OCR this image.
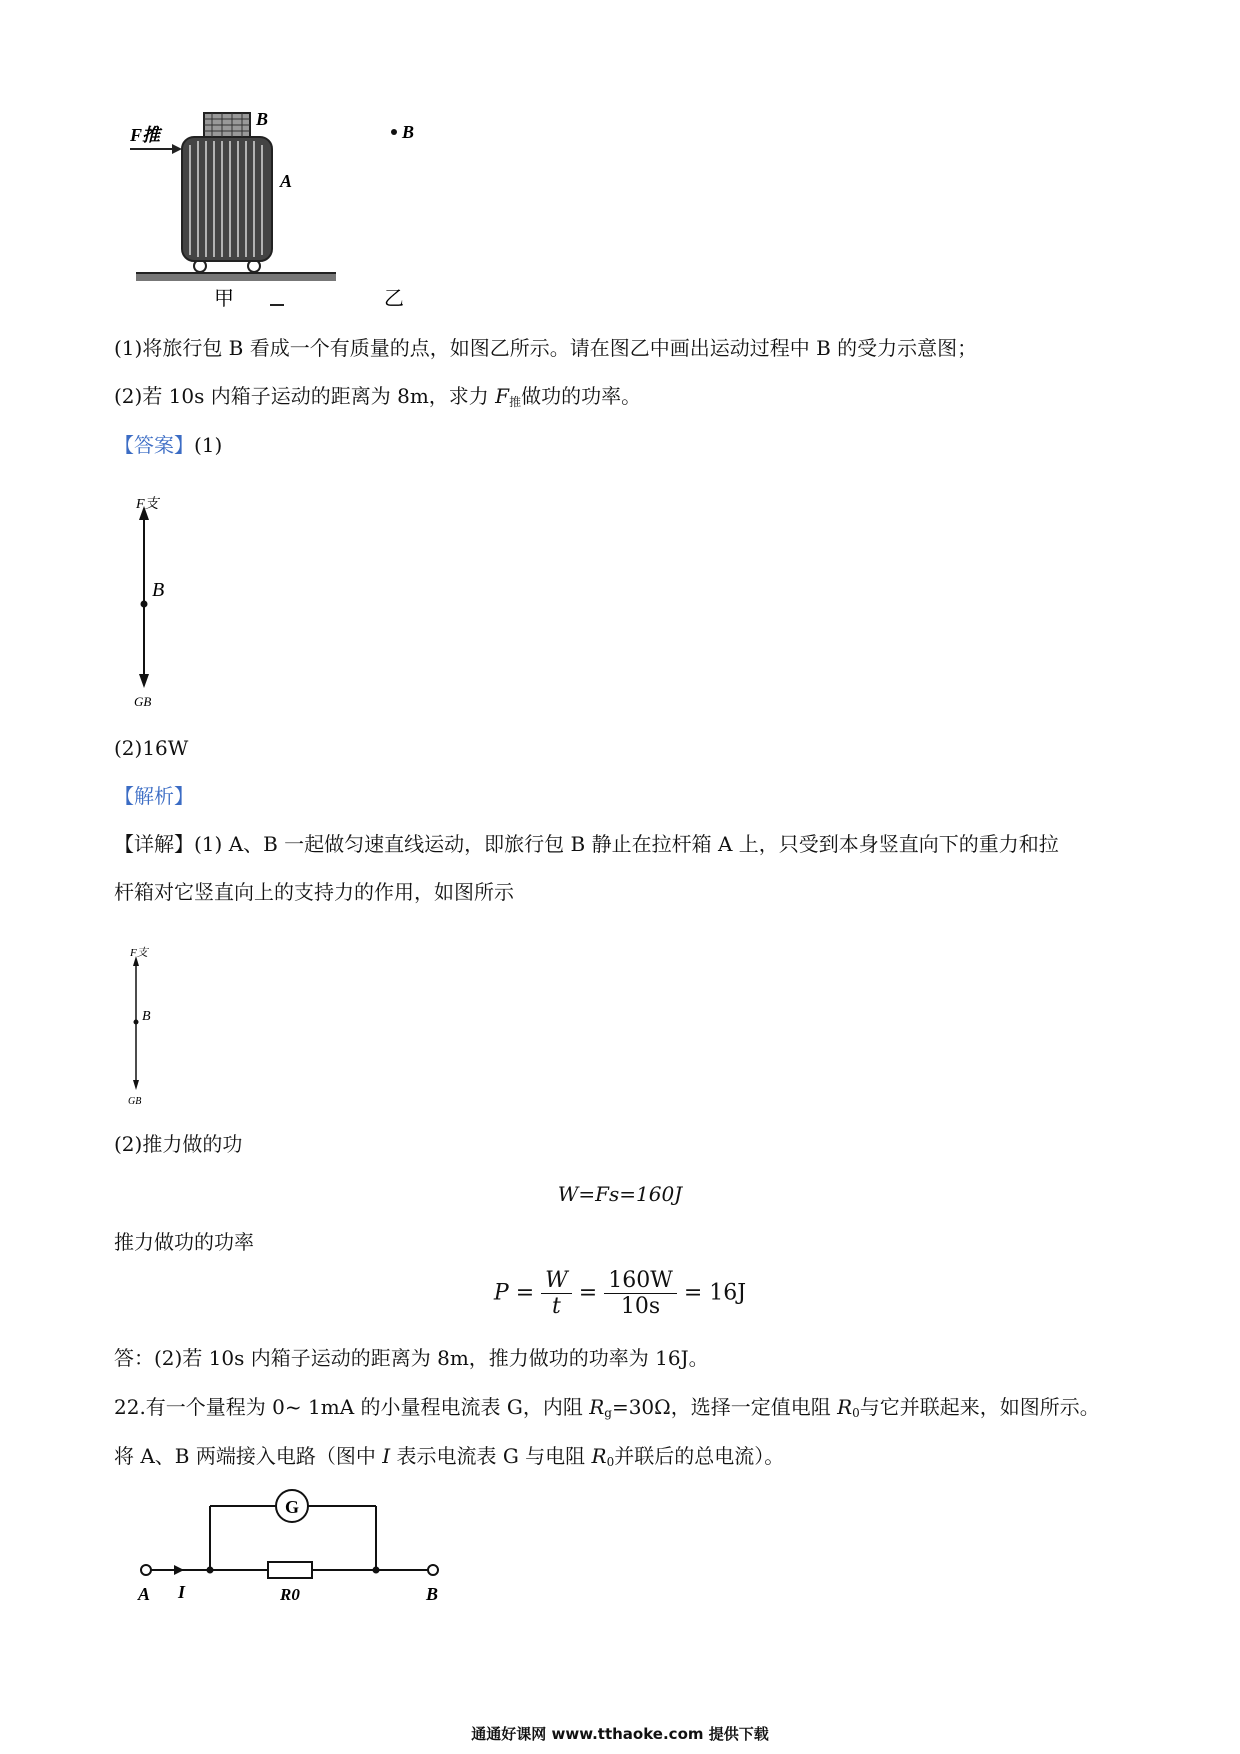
F推
B
A
甲
B
乙
(1)将旅行包 B 看成一个有质量的点，如图乙所示。请在图乙中画出运动过程中 B 的受力示意图；
(2)若 10s 内箱子运动的距离为 8m，求力 $F_推$做功的功率。
【答案】(1)
F支
B
GB
(2)16W
【解析】
【详解】(1) A、B 一起做匀速直线运动，即旅行包 B 静止在拉杆箱 A 上，只受到本身竖直向下的重力和拉
杆箱对它竖直向上的支持力的作用，如图所示
F支
B
GB
(2)推力做的功
W=Fs=160J
推力做功的功率
$P = \frac{W}{t} = \frac{160W}{10s} = 16J$
答：(2)若 10s 内箱子运动的距离为 8m，推力做功的功率为 16J。
22.有一个量程为 0~ 1mA 的小量程电流表 G，内阻 $R_g=30\Omega$，选择一定值电阻 $R_0$与它并联起来，如图所示。
将 A、B 两端接入电路（图中 I 表示电流表 G 与电阻 $R_0$并联后的总电流）。
G
A I	R0	B
通通好课网 www.tthaoke.com 提供下载
